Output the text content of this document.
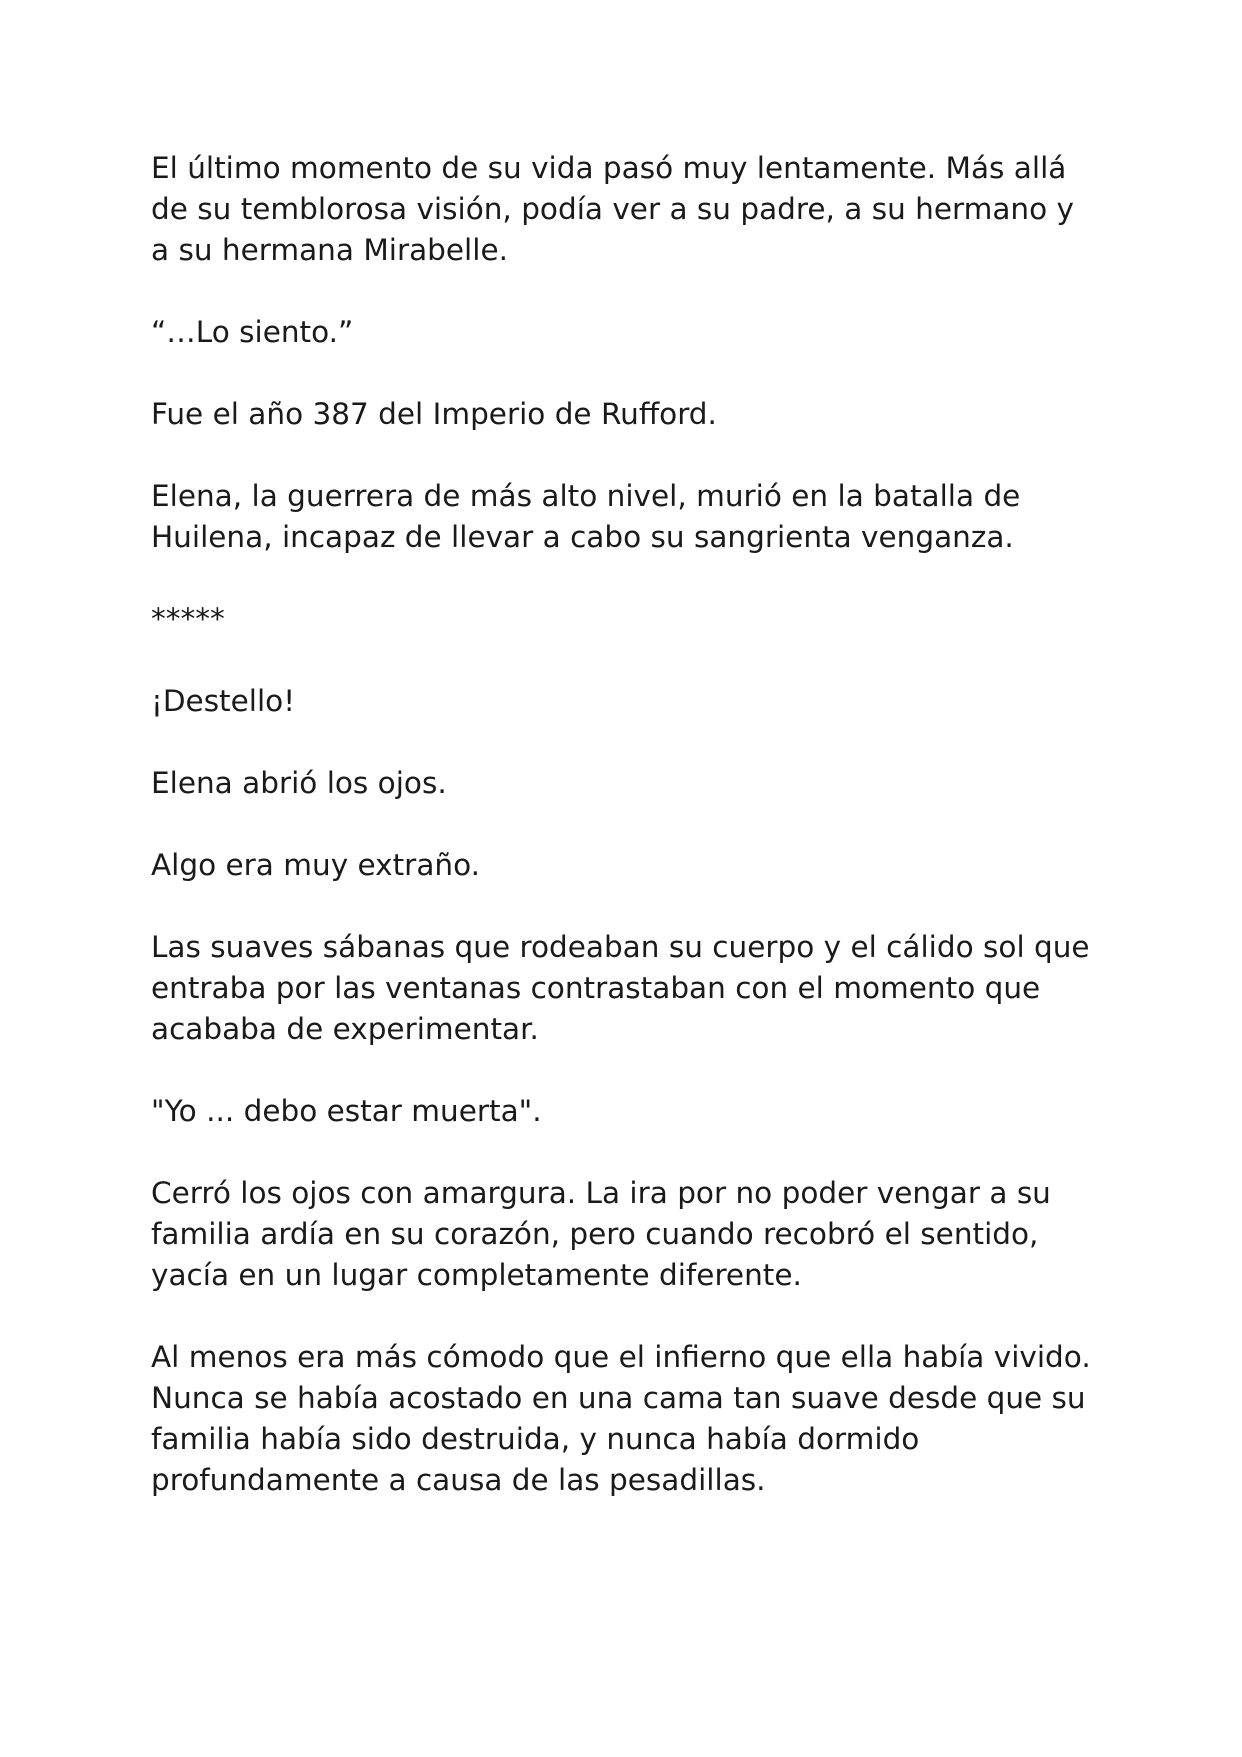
El último momento de su vida pasó muy lentamente. Más allá
de su temblorosa visión, podía ver a su padre, a su hermano y
a su hermana Mirabelle.

“…Lo siento.”

Fue el año 387 del Imperio de Rufford.

Elena, la guerrera de más alto nivel, murió en la batalla de
Huilena, incapaz de llevar a cabo su sangrienta venganza.

*****

¡Destello!

Elena abrió los ojos.

Algo era muy extraño.

Las suaves sábanas que rodeaban su cuerpo y el cálido sol que
entraba por las ventanas contrastaban con el momento que
acababa de experimentar.

"Yo ... debo estar muerta".

Cerró los ojos con amargura. La ira por no poder vengar a su
familia ardía en su corazón, pero cuando recobró el sentido,
yacía en un lugar completamente diferente.

Al menos era más cómodo que el infierno que ella había vivido.
Nunca se había acostado en una cama tan suave desde que su
familia había sido destruida, y nunca había dormido
profundamente a causa de las pesadillas.
